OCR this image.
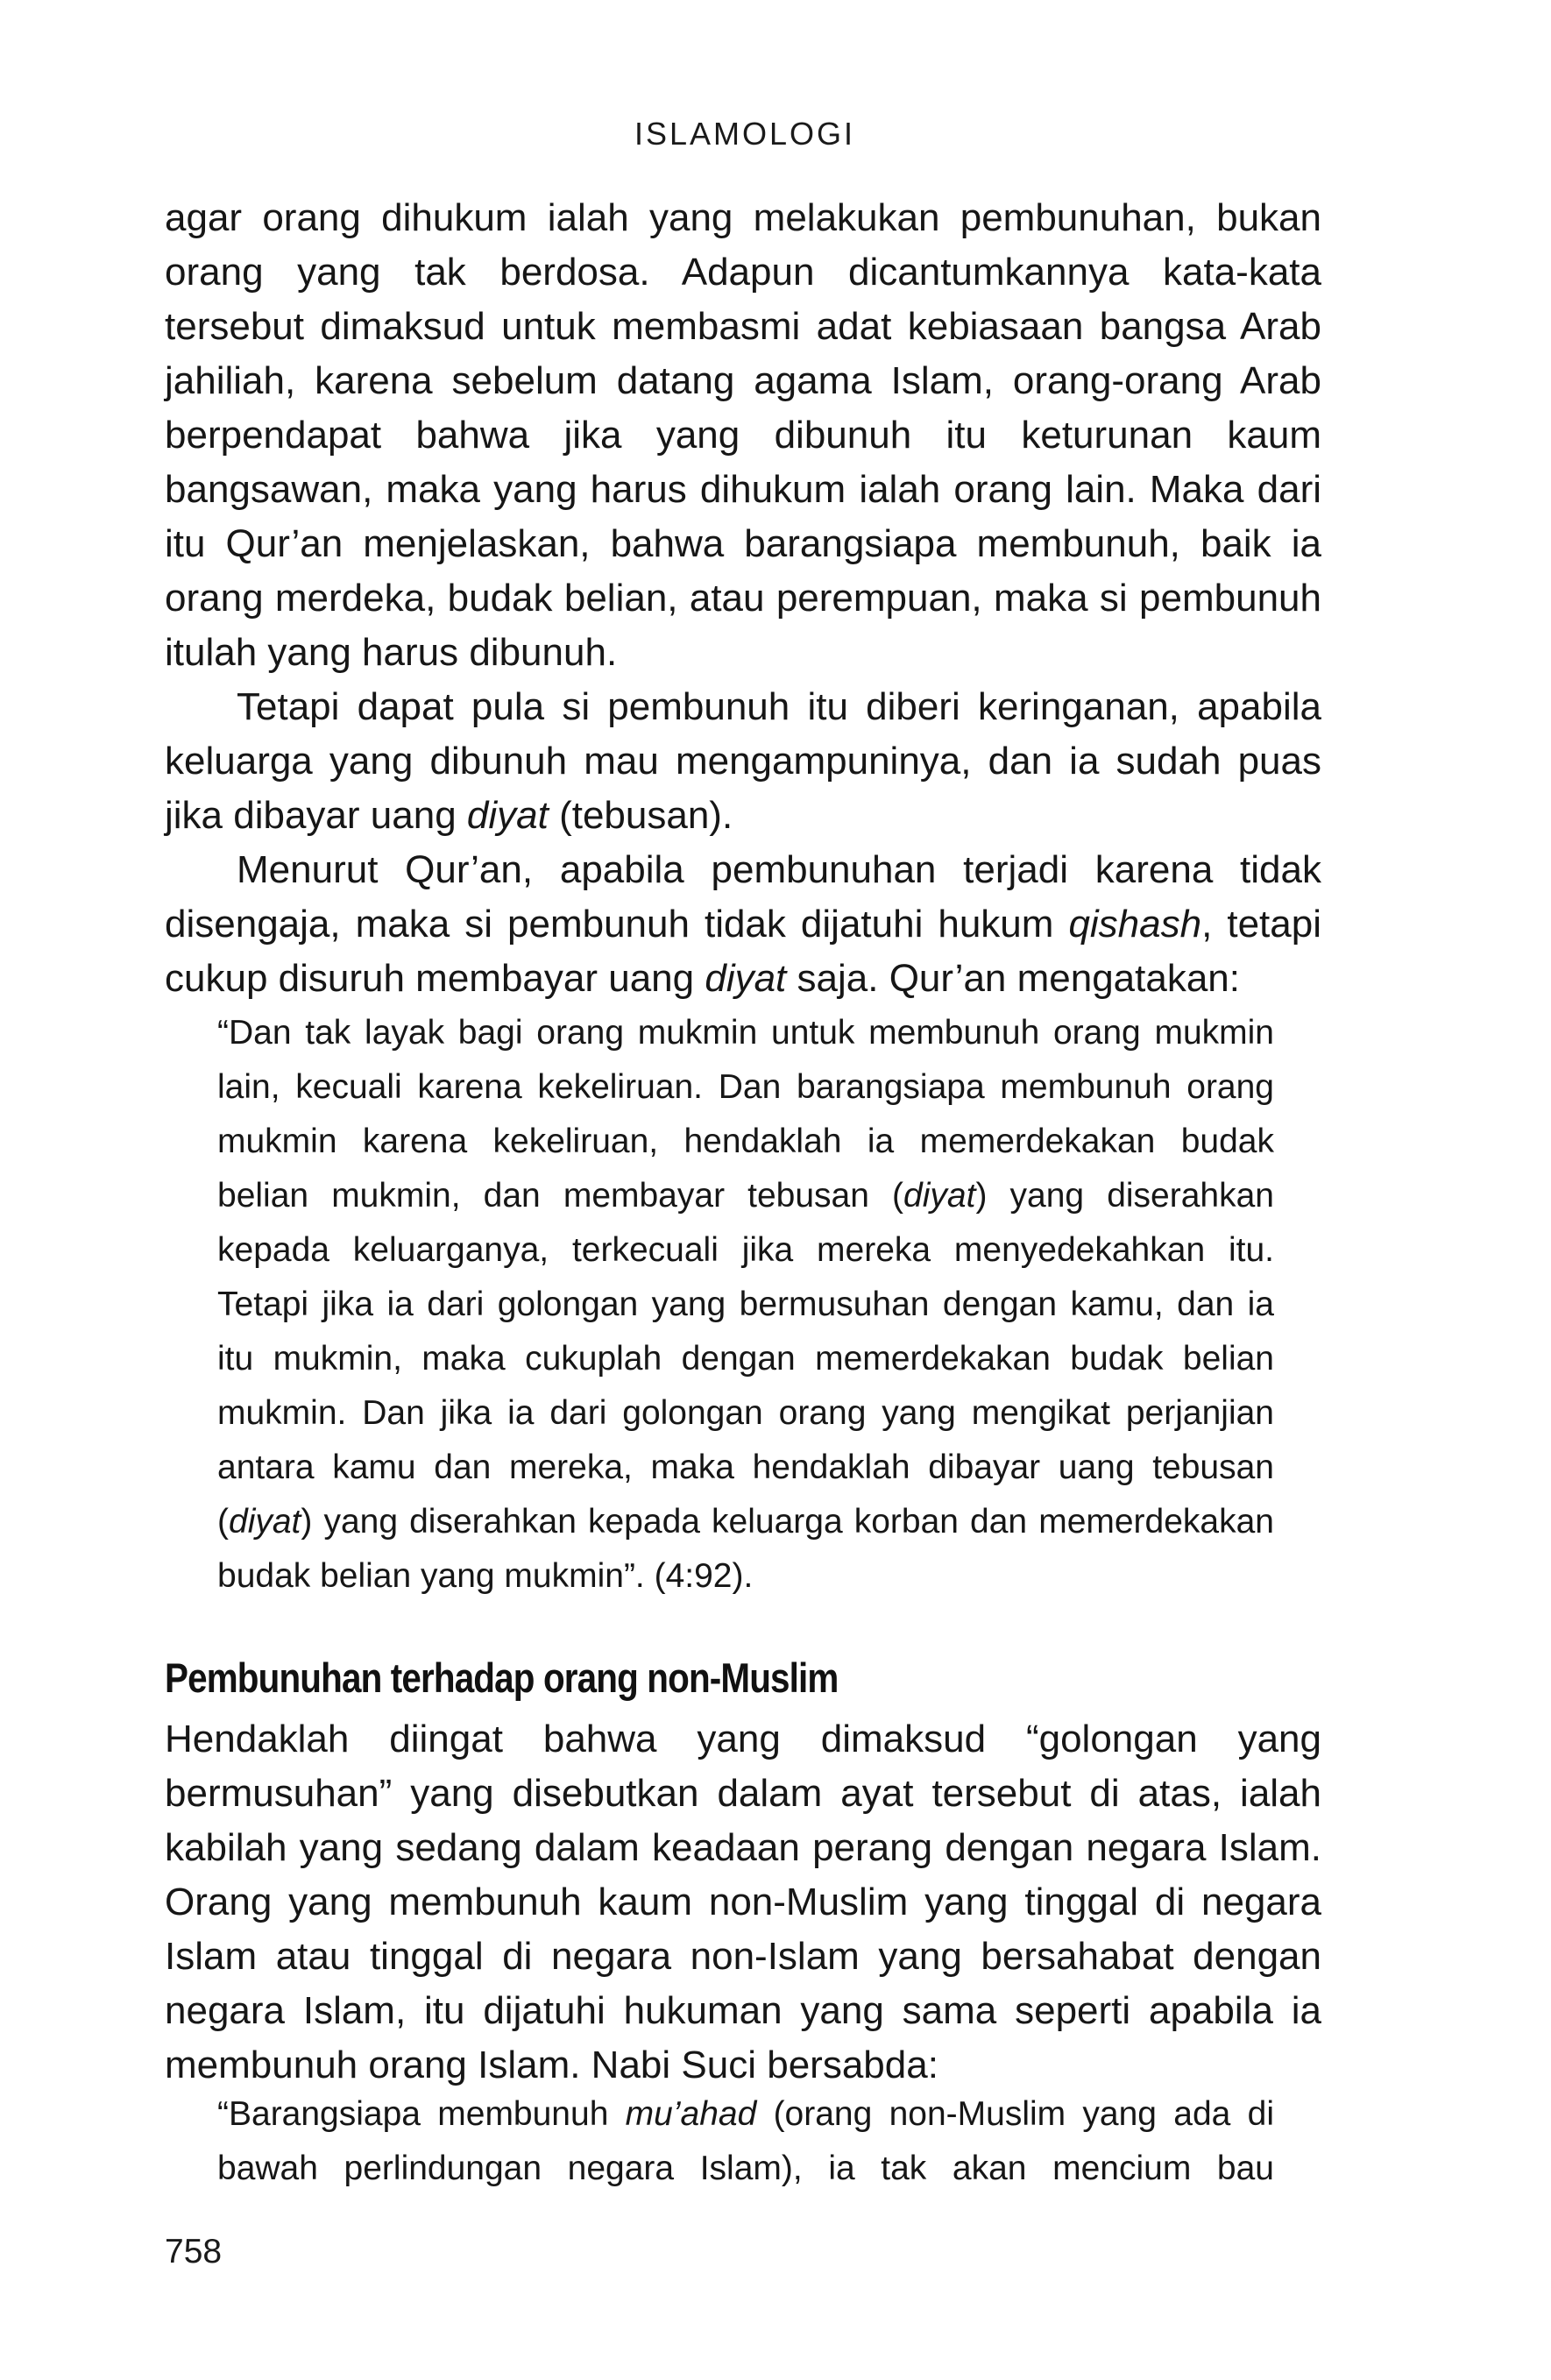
ISLAMOLOGI

agar orang dihukum ialah yang melakukan pembunuhan, bukan orang yang tak berdosa. Adapun dicantumkannya kata-kata tersebut dimaksud untuk membasmi adat kebiasaan bangsa Arab jahiliah, karena sebelum datang agama Islam, orang-orang Arab berpendapat bahwa jika yang dibunuh itu keturunan kaum bangsawan, maka yang harus dihukum ialah orang lain. Maka dari itu Qur’an menjelaskan, bahwa barangsiapa membunuh, baik ia orang merdeka, budak belian, atau perempuan, maka si pembunuh itulah yang harus dibunuh.

Tetapi dapat pula si pembunuh itu diberi keringanan, apabila keluarga yang dibunuh mau mengampuninya, dan ia sudah puas jika dibayar uang diyat (tebusan).

Menurut Qur’an, apabila pembunuhan terjadi karena tidak disengaja, maka si pembunuh tidak dijatuhi hukum qishash, tetapi cukup disuruh membayar uang diyat saja. Qur’an mengatakan:

“Dan tak layak bagi orang mukmin untuk membunuh orang mukmin lain, kecuali karena kekeliruan. Dan barangsiapa membunuh orang mukmin karena kekeliruan, hendaklah ia memerdekakan budak belian mukmin, dan membayar tebusan (diyat) yang diserahkan kepada keluarganya, terkecuali jika mereka menyedekahkan itu. Tetapi jika ia dari golongan yang bermusuhan dengan kamu, dan ia itu mukmin, maka cukuplah dengan memerdekakan budak belian mukmin. Dan jika ia dari golongan orang yang mengikat perjanjian antara kamu dan mereka, maka hendaklah dibayar uang tebusan (diyat) yang diserahkan kepada keluarga korban dan memerdekakan budak belian yang mukmin”. (4:92).

Pembunuhan terhadap orang non-Muslim

Hendaklah diingat bahwa yang dimaksud “golongan yang bermusuhan” yang disebutkan dalam ayat tersebut di atas, ialah kabilah yang sedang dalam keadaan perang dengan negara Islam. Orang yang membunuh kaum non-Muslim yang tinggal di negara Islam atau tinggal di negara non-Islam yang bersahabat dengan negara Islam, itu dijatuhi hukuman yang sama seperti apabila ia membunuh orang Islam. Nabi Suci bersabda:

“Barangsiapa membunuh mu’ahad (orang non-Muslim yang ada di bawah perlindungan negara Islam), ia tak akan mencium bau

758
